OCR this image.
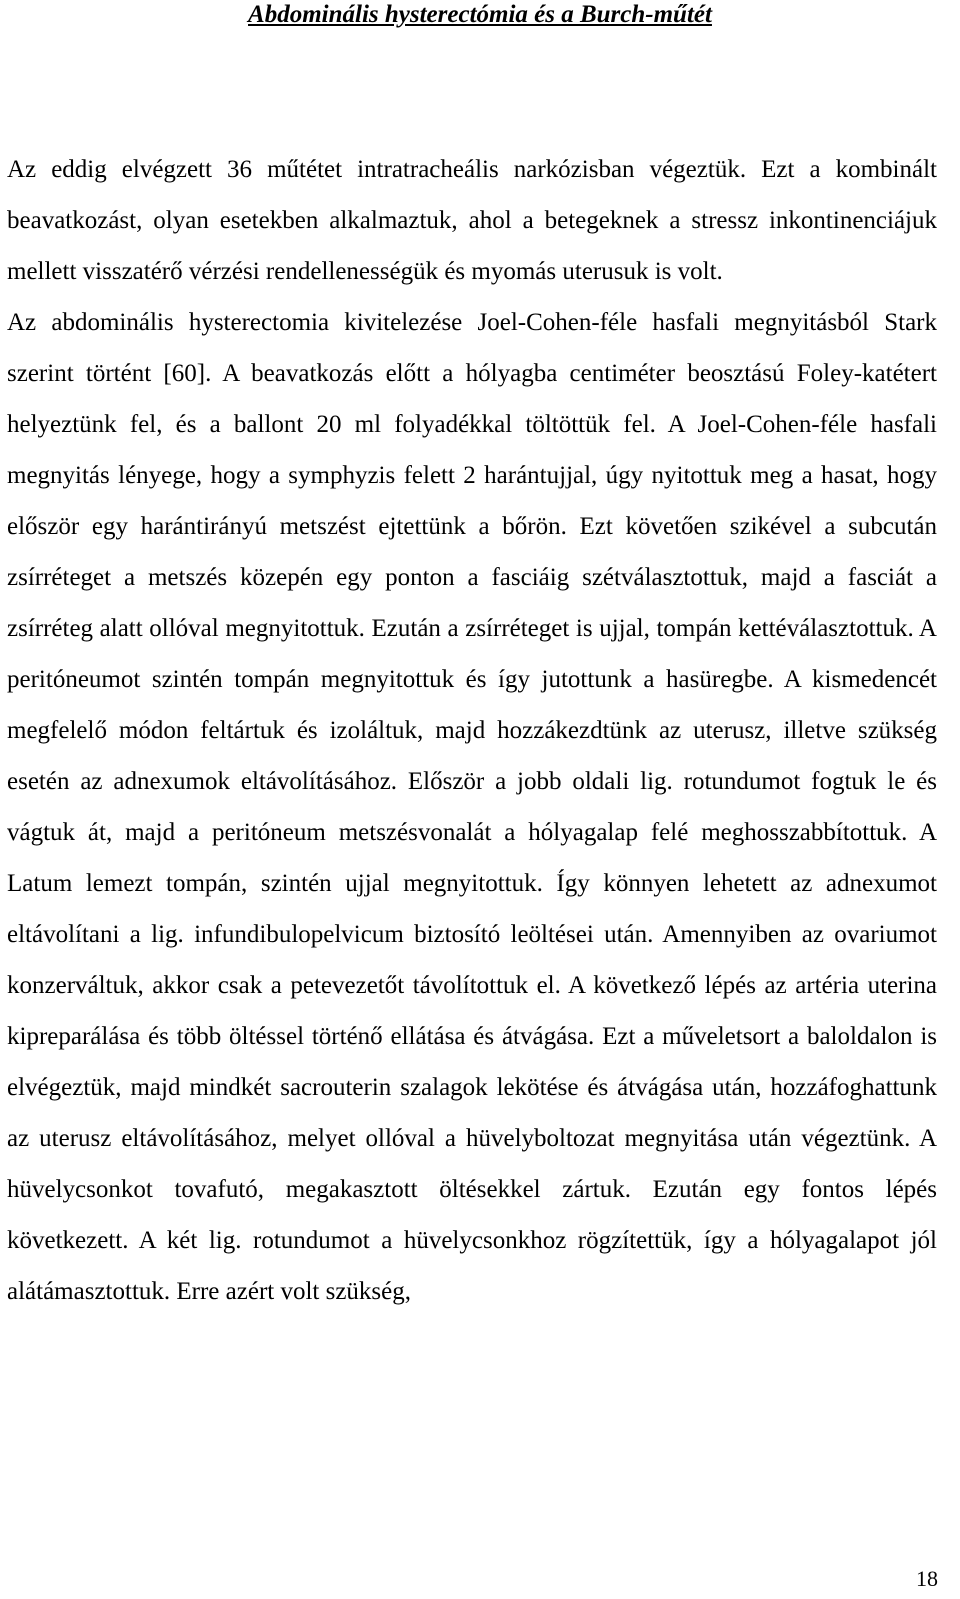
Abdominális hysterectómia és a Burch-műtét

Az eddig elvégzett 36 műtétet intratracheális narkózisban végeztük. Ezt a kombinált beavatkozást, olyan esetekben alkalmaztuk, ahol a betegeknek a stressz inkontinenciájuk mellett visszatérő vérzési rendellenességük és myomás uterusuk is volt.

Az abdominális hysterectomia kivitelezése Joel-Cohen-féle hasfali megnyitásból Stark szerint történt [60]. A beavatkozás előtt a hólyagba centiméter beosztású Foley-katétert helyeztünk fel, és a ballont 20 ml folyadékkal töltöttük fel. A Joel-Cohen-féle hasfali megnyitás lényege, hogy a symphyzis felett 2 harántujjal, úgy nyitottuk meg a hasat, hogy először egy harántirányú metszést ejtettünk a bőrön. Ezt követően szikével a subcután zsírréteget a metszés közepén egy ponton a fasciáig szétválasztottuk, majd a fasciát a zsírréteg alatt ollóval megnyitottuk. Ezután a zsírréteget is ujjal, tompán kettéválasztottuk. A peritóneumot szintén tompán megnyitottuk és így jutottunk a hasüregbe. A kismedencét megfelelő módon feltártuk és izoláltuk, majd hozzákezdtünk az uterusz, illetve szükség esetén az adnexumok eltávolításához. Először a jobb oldali lig. rotundumot fogtuk le és vágtuk át, majd a peritóneum metszésvonalát a hólyagalap felé meghosszabbítottuk. A Latum lemezt tompán, szintén ujjal megnyitottuk. Így könnyen lehetett az adnexumot eltávolítani a lig. infundibulopelvicum biztosító leöltései után. Amennyiben az ovariumot konzerváltuk, akkor csak a petevezetőt távolítottuk el. A következő lépés az artéria uterina kipreparálása és több öltéssel történő ellátása és átvágása. Ezt a műveletsort a baloldalon is elvégeztük, majd mindkét sacrouterin szalagok lekötése és átvágása után, hozzáfoghattunk az uterusz eltávolításához, melyet ollóval a hüvelyboltozat megnyitása után végeztünk. A hüvelycsonkot tovafutó, megakasztott öltésekkel zártuk. Ezután egy fontos lépés következett. A két lig. rotundumot a hüvelycsonkhoz rögzítettük, így a hólyagalapot jól alátámasztottuk. Erre azért volt szükség,

18
